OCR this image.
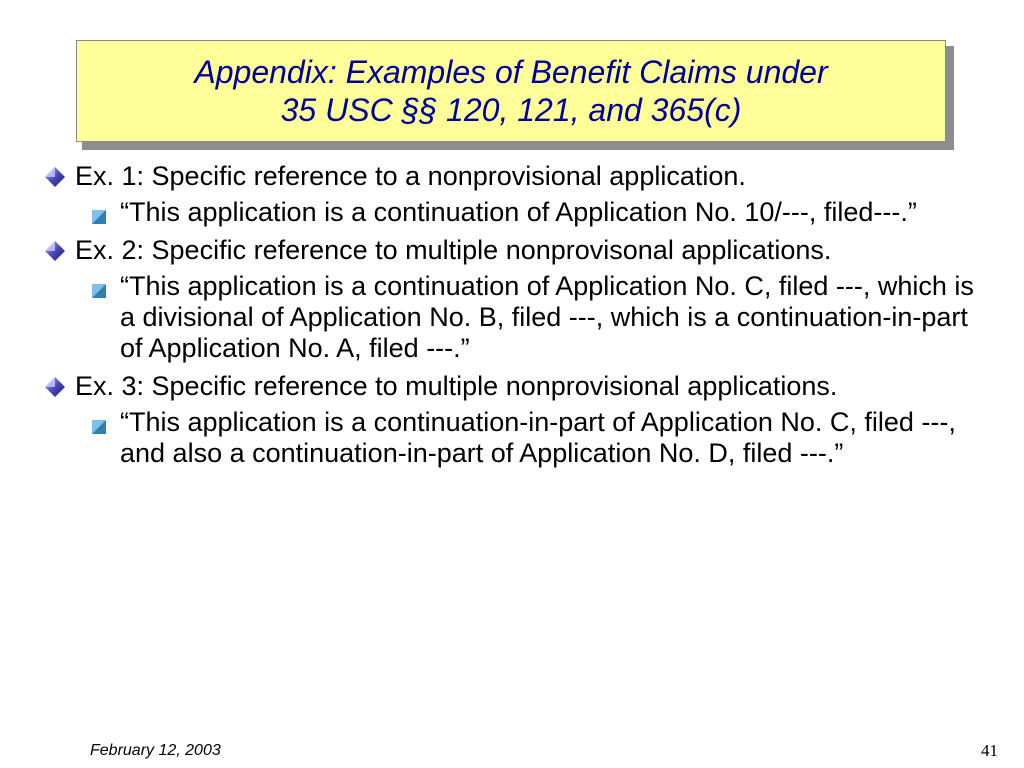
Appendix: Examples of Benefit Claims under
35 USC §§ 120, 121, and 365(c)
Ex. 1: Specific reference to a nonprovisional application.
“This application is a continuation of Application No. 10/---, filed---.”
Ex. 2: Specific reference to multiple nonprovisonal applications.
“This application is a continuation of Application No. C, filed ---, which is a divisional of Application No. B, filed ---, which is a continuation-in-part of Application No. A, filed ---.”
Ex. 3: Specific reference to multiple nonprovisional applications.
“This application is a continuation-in-part of Application No. C, filed ---, and also a continuation-in-part of Application No. D, filed ---.”
February 12, 2003	41
